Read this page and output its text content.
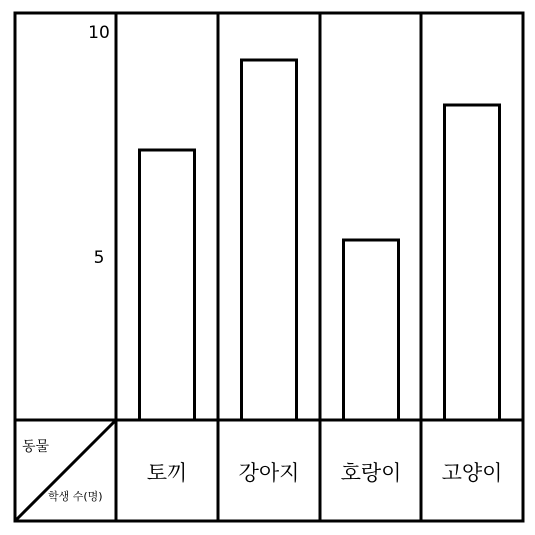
5
10
동물
학생 수(명)
토끼 강아지 호랑이 고양이
